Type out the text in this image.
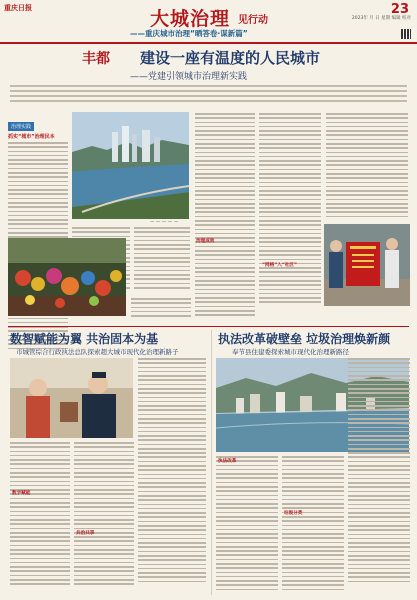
重庆日报	大城治理 见行动
——重庆城市治理“晒答卷·谋新篇”
23
2023年 月 日 星期 编辑 校对
丰都 建设一座有温度的人民城市
——党建引领城市治理新实践
治理实践
抓实“城市”治理民本
— — — — —
治理成效
“网格”入“社区”
数智赋能为翼 共治固本为基
市城管综合行政执法总队探索超大城市现代化治理新路子
执法改革破壁垒 垃圾治理焕新颜
奉节县住建委探索城市现代化治理新路径
数字赋能
共治共享
执法改革
垃圾分类
